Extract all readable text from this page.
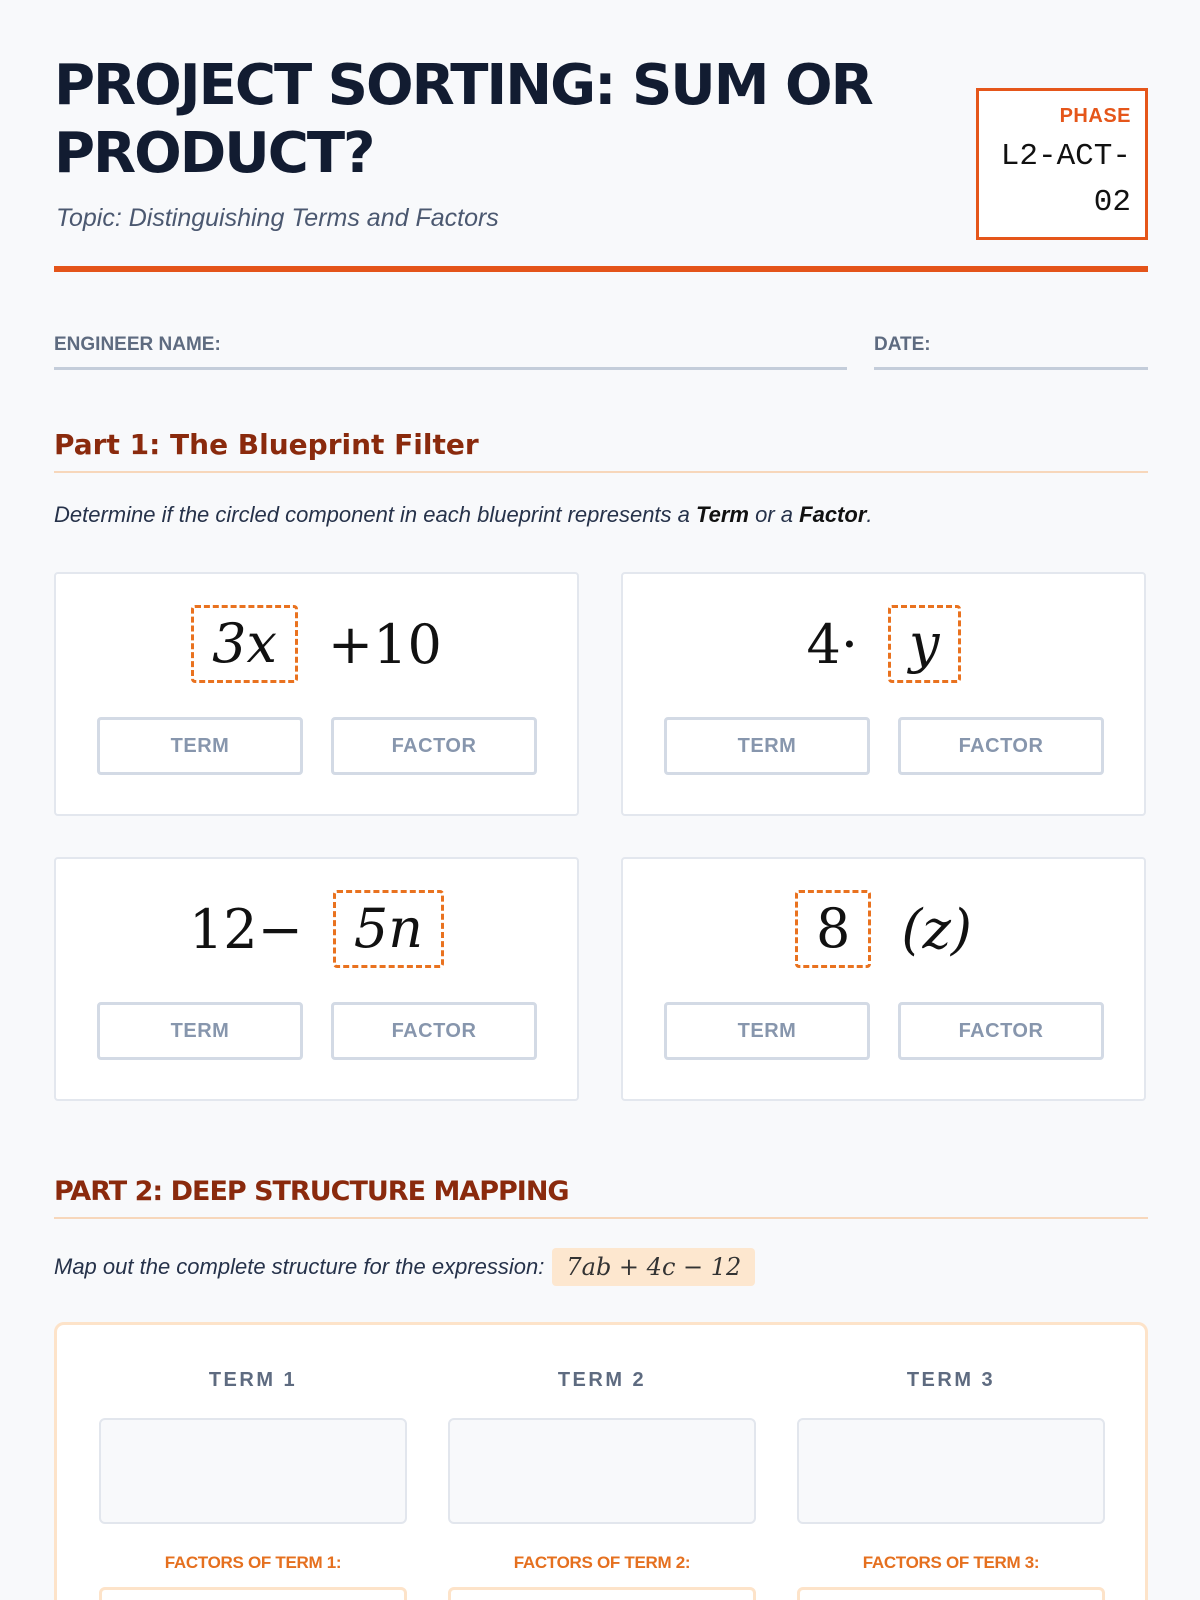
PROJECT SORTING: SUM OR PRODUCT?
Topic: Distinguishing Terms and Factors
PHASE
L2-ACT-02
ENGINEER NAME:	DATE:
Part 1: The Blueprint Filter
Determine if the circled component in each blueprint represents a Term or a Factor.
3x +10
TERM	FACTOR
4· y
TERM	FACTOR
12− 5n
TERM	FACTOR
8 (z)
TERM	FACTOR
PART 2: DEEP STRUCTURE MAPPING
Map out the complete structure for the expression: 7ab + 4c − 12
TERM 1
FACTORS OF TERM 1:
TERM 2
FACTORS OF TERM 2:
TERM 3
FACTORS OF TERM 3:
